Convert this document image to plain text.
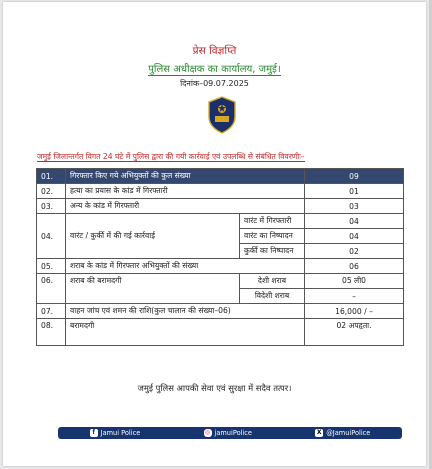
प्रेस विज्ञप्ति
पुलिस अधीक्षक का कार्यालय, जमुई।
दिनांक–09.07.2025
जमुई जिलान्तर्गत विगत 24 घंटे में पुलिस द्वारा की गयी कार्रवाई एवं उपलब्धि से संबंधित विवरणीः–
01.	गिरफ्तार किए गये अभियुक्तों की कुल संख्या		09
02.	हत्या का प्रयास के कांड में गिरफ्तारी		01
03.	अन्य के कांड में गिरफ्तारी		03
04.	वारंट / कुर्की में की गई कार्रवाई	वारंट में गिरफ्तारी	04
		वारंट का निष्पादन	04
		कुर्की का निष्पादन	02
05.	शराब के कांड में गिरफ्तार अभियुक्तों की संख्या		06
06.	शराब की बरामदगी	देशी शराब	05 ली0
		विदेशी शराब	–
07.	वाहन जांच एवं शमन की राशि(कुल चालान की संख्या–06)		16,000 / –
08.	बरामदगी		02 अपहृता.
जमुई पुलिस आपकी सेवा एवं सुरक्षा में सदैव तत्पर।
f Jamui Police	◎ jamuiPolice	X @JamuiPolice
